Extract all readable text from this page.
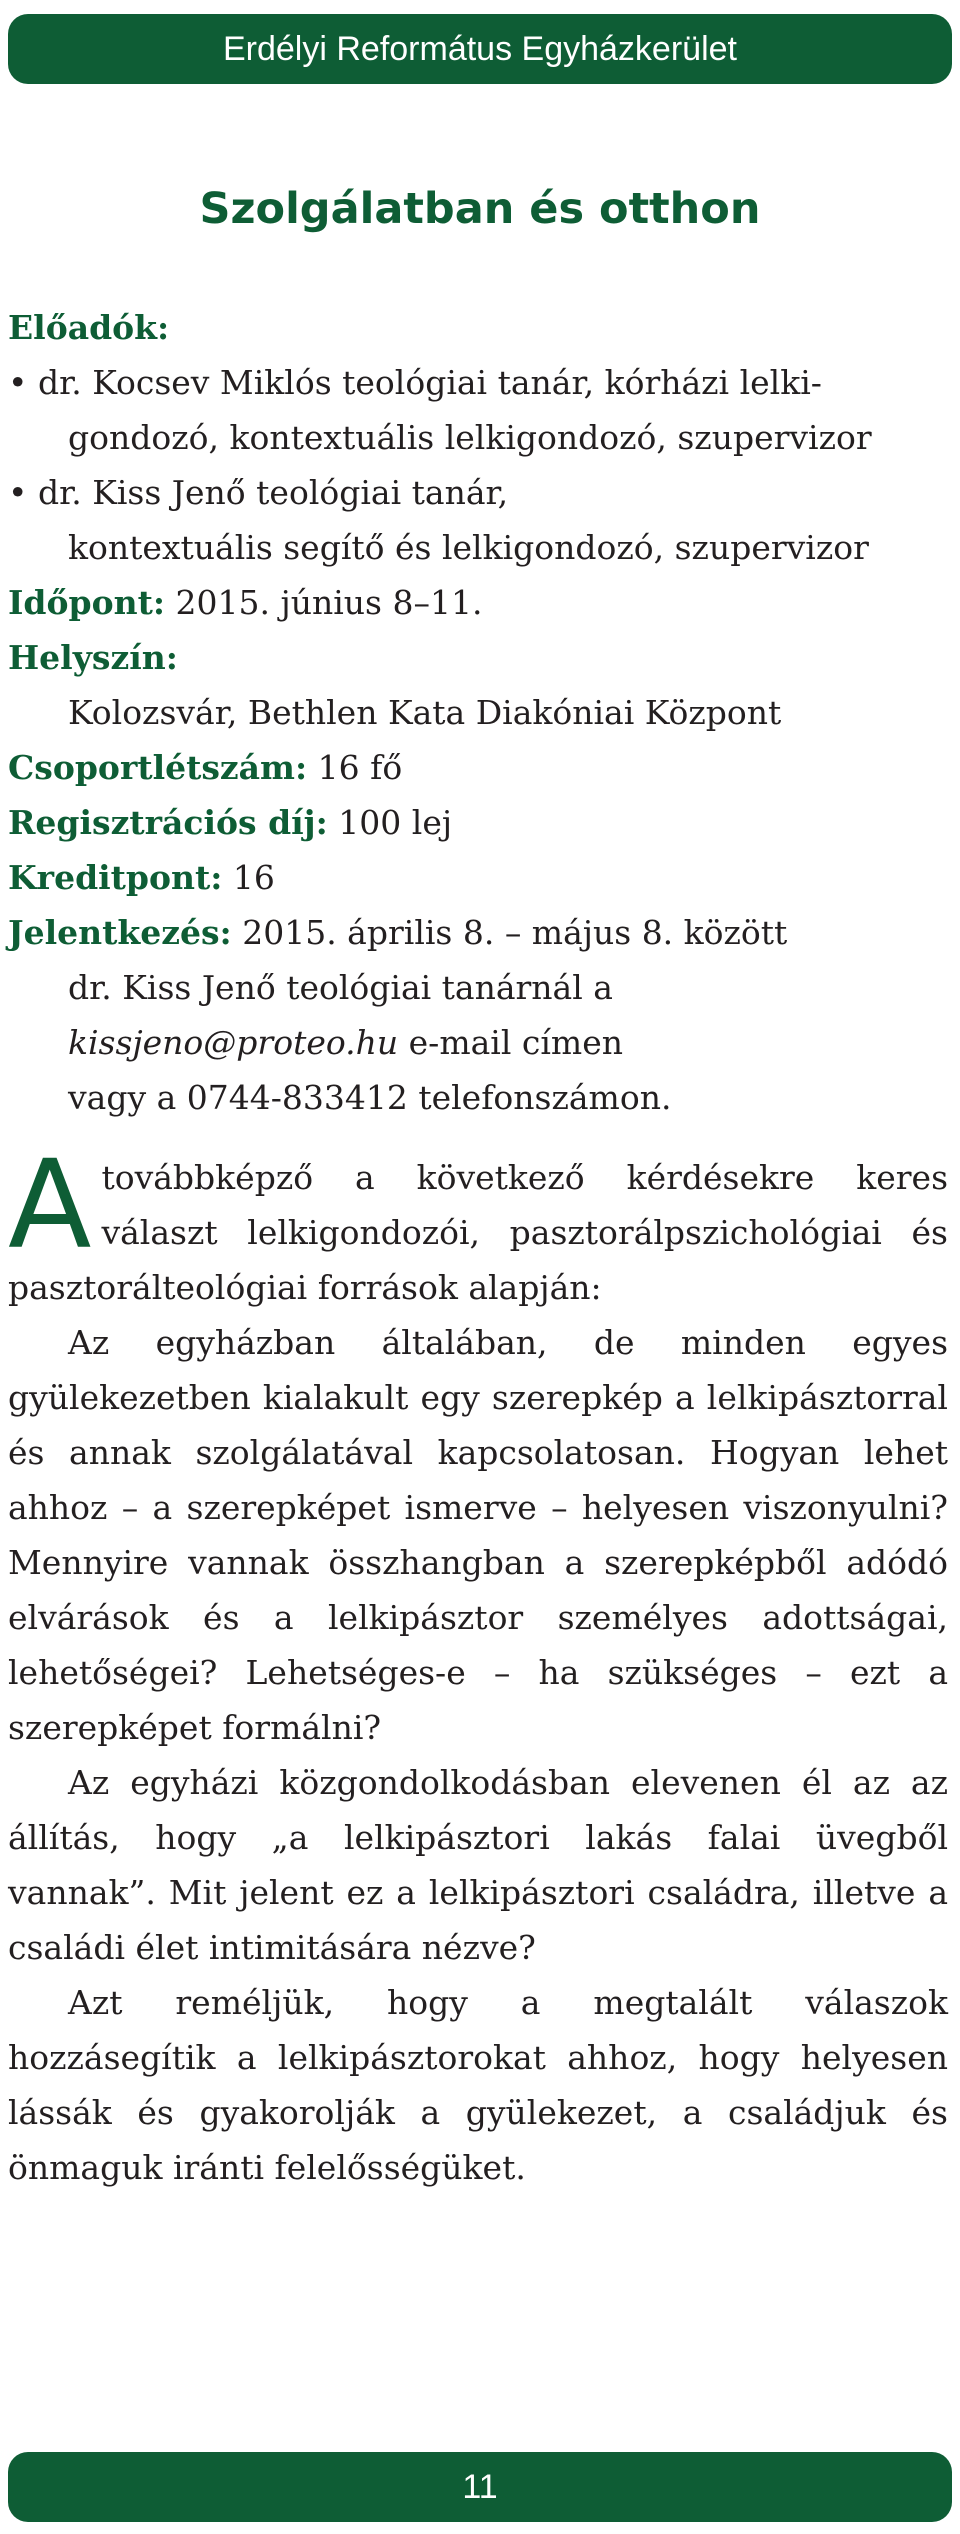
Erdélyi Református Egyházkerület
Szolgálatban és otthon
Előadók:
• dr. Kocsev Miklós teológiai tanár, kórházi lelki-
gondozó, kontextuális lelkigondozó, szupervizor
• dr. Kiss Jenő teológiai tanár,
kontextuális segítő és lelkigondozó, szupervizor
Időpont: 2015. június 8–11.
Helyszín:
Kolozsvár, Bethlen Kata Diakóniai Központ
Csoportlétszám: 16 fő
Regisztrációs díj: 100 lej
Kreditpont: 16
Jelentkezés: 2015. április 8. – május 8. között
dr. Kiss Jenő teológiai tanárnál a
kissjeno@proteo.hu e-mail címen
vagy a 0744-833412 telefonszámon.

Atovábbképző a következő kérdésekre keres választ lelkigondozói, pasztorálpszichológiai és pasztorálteológiai források alapján:

Az egyházban általában, de minden egyes gyülekezetben kialakult egy szerepkép a lelkipásztorral és annak szolgálatával kapcsolatosan. Hogyan lehet ahhoz – a szerepképet ismerve – helyesen viszonyulni? Mennyire vannak összhangban a szerepképből adódó elvárások és a lelkipásztor személyes adottságai, lehetőségei? Lehetséges-e – ha szükséges – ezt a szerepképet formálni?

Az egyházi közgondolkodásban elevenen él az az állítás, hogy „a lelkipásztori lakás falai üvegből vannak”. Mit jelent ez a lelkipásztori családra, illetve a családi élet intimitására nézve?

Azt reméljük, hogy a megtalált válaszok hozzásegítik a lelkipásztorokat ahhoz, hogy helyesen lássák és gyakorolják a gyülekezet, a családjuk és önmaguk iránti felelősségüket.

11
